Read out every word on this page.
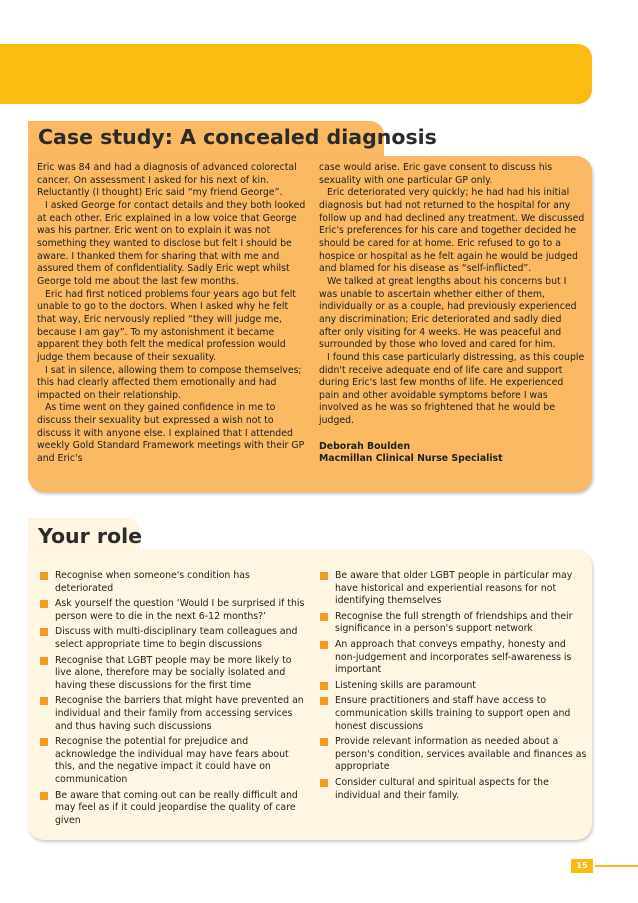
Case study: A concealed diagnosis

Eric was 84 and had a diagnosis of advanced colorectal cancer. On assessment I asked for his next of kin. Reluctantly (I thought) Eric said “my friend George”.

I asked George for contact details and they both looked at each other. Eric explained in a low voice that George was his partner. Eric went on to explain it was not something they wanted to disclose but felt I should be aware. I thanked them for sharing that with me and assured them of confidentiality. Sadly Eric wept whilst George told me about the last few months.

Eric had first noticed problems four years ago but felt unable to go to the doctors. When I asked why he felt that way, Eric nervously replied “they will judge me, because I am gay”. To my astonishment it became apparent they both felt the medical profession would judge them because of their sexuality.

I sat in silence, allowing them to compose themselves; this had clearly affected them emotionally and had impacted on their relationship.

As time went on they gained confidence in me to discuss their sexuality but expressed a wish not to discuss it with anyone else. I explained that I attended weekly Gold Standard Framework meetings with their GP and Eric's

case would arise. Eric gave consent to discuss his sexuality with one particular GP only.

Eric deteriorated very quickly; he had had his initial diagnosis but had not returned to the hospital for any follow up and had declined any treatment. We discussed Eric's preferences for his care and together decided he should be cared for at home. Eric refused to go to a hospice or hospital as he felt again he would be judged and blamed for his disease as “self-inflicted”.

We talked at great lengths about his concerns but I was unable to ascertain whether either of them, individually or as a couple, had previously experienced any discrimination; Eric deteriorated and sadly died after only visiting for 4 weeks. He was peaceful and surrounded by those who loved and cared for him.

I found this case particularly distressing, as this couple didn't receive adequate end of life care and support during Eric's last few months of life. He experienced pain and other avoidable symptoms before I was involved as he was so frightened that he would be judged.

Deborah Boulden

Macmillan Clinical Nurse Specialist

Your role
Recognise when someone's condition has deteriorated
Ask yourself the question ‘Would I be surprised if this person were to die in the next 6-12 months?’
Discuss with multi-disciplinary team colleagues and select appropriate time to begin discussions
Recognise that LGBT people may be more likely to live alone, therefore may be socially isolated and having these discussions for the first time
Recognise the barriers that might have prevented an individual and their family from accessing services and thus having such discussions
Recognise the potential for prejudice and acknowledge the individual may have fears about this, and the negative impact it could have on communication
Be aware that coming out can be really difficult and may feel as if it could jeopardise the quality of care given
Be aware that older LGBT people in particular may have historical and experiential reasons for not identifying themselves
Recognise the full strength of friendships and their significance in a person's support network
An approach that conveys empathy, honesty and non-judgement and incorporates self-awareness is important
Listening skills are paramount
Ensure practitioners and staff have access to communication skills training to support open and honest discussions
Provide relevant information as needed about a person's condition, services available and finances as appropriate
Consider cultural and spiritual aspects for the individual and their family.
15
